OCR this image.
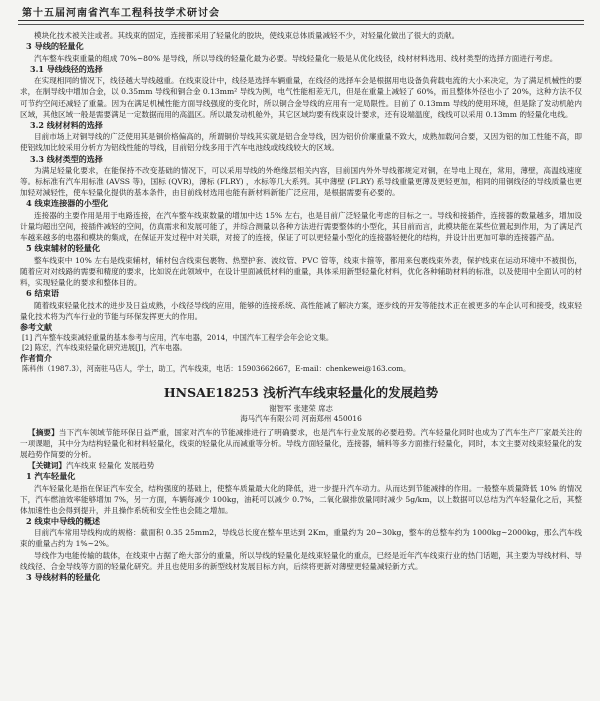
第十五届河南省汽车工程科技学术研讨会

模块化技术被关注或者。其线束的固定，连接都采用了轻量化的胶块，使线束总体质量减轻不少，对轻量化做出了很大的贡献。

3 导线的轻量化

汽车整车线束重量的组成 70%~80% 是导线，所以导线的轻量化最为必要。导线轻量化一般是从优化线径，线材材料选用、线材类型的选择方面进行考虑。

3.1 导线线径的选择

在实现相同的情况下，线径越大导线越重。在线束设计中，线径是选择车辆重量，在线径的选择车会是根据用电设备负荷载电流的大小来决定，为了满足机械性的要求，在制导线中增加合金，以 0.35mm 导线和铜合金 0.13mm² 导线为例，电气性能相差无几，但是在重量上减轻了 60%，而且整体外径也小了 20%，这种方法不仅可节约空间还减轻了重量。因为在满足机械性能方面导线强度的变化时，所以铜合金导线的应用有一定局限性。目前了 0.13mm 导线的使用环境，但是除了发动机舱内区域，其他区域一般是需要满足一定数据而用的高温区。所以最发动机舱外，其它区域均要有线束设计要求，还有设端温度，线线可以采用 0.13mm 的轻量化电线。

3.2 线材材料的选择

目前市场上对铜导线的广泛使用其是铜价格偏高的，所谓铜价导线其实就是铝合金导线，因为铝价价廉重量不致大，成熟加载问合要，又因为铝的加工性能不高，即使铝线加比较采用分析方为铝线性能的导线，目前铝分线多用于汽车电池线或线线较大的区域。

3.3 线材类型的选择

为满足轻量化要求，在能保持不改变基础的情况下，可以采用导线的外绝缘层相关内容，目前国内外外导线都规定对铜，在导电上现在，常用，薄壁，高温线速度等。标标准有汽车用标准 (AVSS 等)，国标 (QVR)，薄标 (FLRY) ，水标等几大系列。其中薄壁 (FLRY) 系导线重量更薄及更轻更加，相同的用铜线径的导线质量也更加轻对減轻性，使车轻量化提供的基本条件，由目前线材选用也能有新材料新能广泛应用，是根据需要有必要的。

4 线束连接器的小型化

连接器的主要作用是用于电路连接，在汽车整车线束数量的增加中达 15% 左右，也是目前广泛轻量化考虑的目标之一。导线和接插件，连接器的数量越多，增加设计量均超出空间，接插件减轻的空间，仿真需求和发展可能了，并综合测量以各种方法进行需要整体的小型化，其目前而言，此模块能在某些位置起到作用，为了满足汽车越来越多的电器和模块的集成，在保证开发过程中对关联，对接了的连接，保证了可以更轻量小型化的连接器轻便化的结构，并设计出更加可靠的连接器产品。

5 线束辅材的轻量化

整车线束中 10% 左右是线束辅材，辅材包含线束包裹物、热塑护套、波纹管、PVC 管等，线束卡箍等，都用来包裹线束外表，保护线束在运动环境中不被损伤，随着应对对线路的需要和精度的要求，比如说在此领域中，在设计里面减低材料的重量，具体采用新型轻量化材料，优化各种辅助材料的标准，以及使用中全面认可的材料，实现轻量化的要求和整体目的。

6 结束语

随着线束轻量化技术的进步及日益成熟，小线径导线的应用，能够的连接系统、高性能减了解决方案，逐步线的开发等能技术正在被更多的车企认可和接受，线束轻量化技术将为汽车行业的节能与环保发挥更大的作用。

参考文献

[1] 汽车整车线束减轻重量的基本参考与应用，汽车电器，2014，中国汽车工程学会年会论文集。

[2] 陈宏，汽车线束轻量化研究进展[J]，汽车电器。

作者简介

陈科伟（1987.3），河南驻马店人，学士，助工，汽车线束，电话：15903662667，E-mail：chenkewei@163.com。

HNSAE18253 浅析汽车线束轻量化的发展趋势

谢智军 张建荣 席志

海马汽车有限公司 河南郑州 450016

【摘要】当下汽车领域节能环保日益严重，国家对汽车的节能减排进行了明确要求，也是汽车行业发展的必要趋势。汽车轻量化同时也成为了汽车生产厂家最关注的一项课题，其中分为结构轻量化和材料轻量化，线束的轻量化从而减重等分析。导线方面轻量化，连接器，辅料等多方面推行轻量化，同时，本文主要对线束轻量化的发展趋势作简要的分析。

【关键词】汽车线束 轻量化 发展趋势

1 汽车轻量化

汽车轻量化是指在保证汽车安全，结构强度的基础上，使整车质量最大化的降低，进一步提升汽车动力。从而达到节能减排的作用。一般整车质量降低 10% 的情况下，汽车燃油效率能够增加 7%，另一方面，车辆每减少 100kg，油耗可以减少 0.7%，二氧化碳排放量同时减少 5g/km，以上数据可以总结为汽车轻量化之后，其整体加速性也会得到提升，并且操作系统和安全性也会随之增加。

2 线束中导线的概述

目前汽车常用导线构成的规格：截面积 0.35 25mm2，导线总长度在整车里达到 2Km，重量约为 20~30kg，整车的总整车约为 1000kg~2000kg，那么汽车线束的重量占约为 1%~2%。

导线作为电能传输的载体，在线束中占据了绝大部分的重量，所以导线的轻量化是线束轻量化的重点，已经是近年汽车线束行业的热门话题，其主要为导线材料、导线线径、合金导线等方面的轻量化研究。并且也使用多的新型线材发展目标方向，后续将更新对薄壁更轻量减轻新方式。

3 导线材料的轻量化
